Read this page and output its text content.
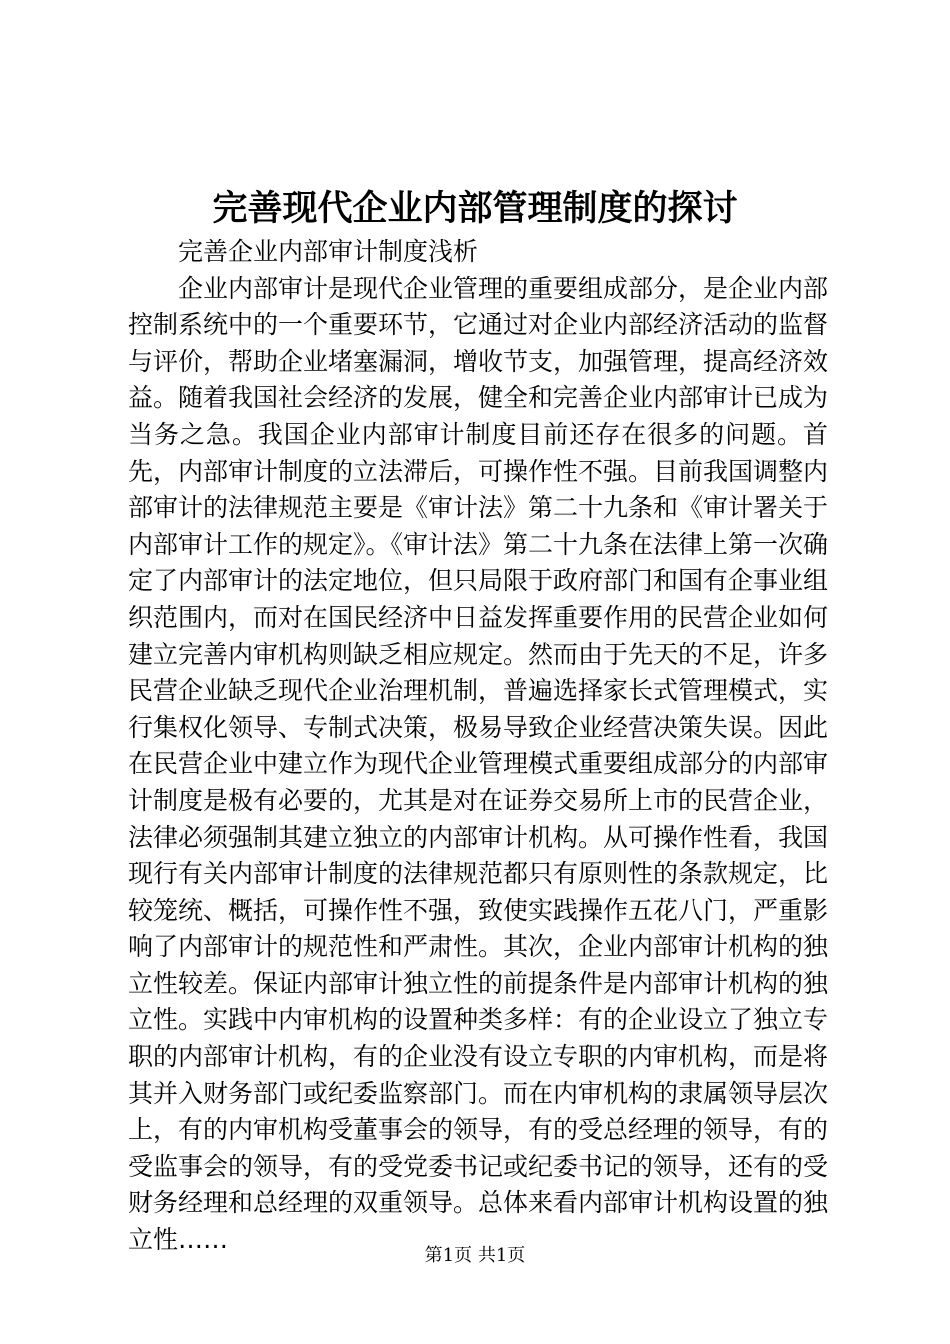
完善现代企业内部管理制度的探讨

完善企业内部审计制度浅析

企业内部审计是现代企业管理的重要组成部分，是企业内部控制系统中的一个重要环节，它通过对企业内部经济活动的监督与评价，帮助企业堵塞漏洞，增收节支，加强管理，提高经济效益。随着我国社会经济的发展，健全和完善企业内部审计已成为当务之急。我国企业内部审计制度目前还存在很多的问题。首先，内部审计制度的立法滞后，可操作性不强。目前我国调整内部审计的法律规范主要是《审计法》第二十九条和《审计署关于内部审计工作的规定》。《审计法》第二十九条在法律上第一次确定了内部审计的法定地位，但只局限于政府部门和国有企事业组织范围内，而对在国民经济中日益发挥重要作用的民营企业如何建立完善内审机构则缺乏相应规定。然而由于先天的不足，许多民营企业缺乏现代企业治理机制，普遍选择家长式管理模式，实行集权化领导、专制式决策，极易导致企业经营决策失误。因此在民营企业中建立作为现代企业管理模式重要组成部分的内部审计制度是极有必要的，尤其是对在证券交易所上市的民营企业，法律必须强制其建立独立的内部审计机构。从可操作性看，我国现行有关内部审计制度的法律规范都只有原则性的条款规定，比较笼统、概括，可操作性不强，致使实践操作五花八门，严重影响了内部审计的规范性和严肃性。其次，企业内部审计机构的独立性较差。保证内部审计独立性的前提条件是内部审计机构的独立性。实践中内审机构的设置种类多样：有的企业设立了独立专职的内部审计机构，有的企业没有设立专职的内审机构，而是将其并入财务部门或纪委监察部门。而在内审机构的隶属领导层次上，有的内审机构受董事会的领导，有的受总经理的领导，有的受监事会的领导，有的受党委书记或纪委书记的领导，还有的受财务经理和总经理的双重领导。总体来看内部审计机构设置的独立性……

第1页 共1页
